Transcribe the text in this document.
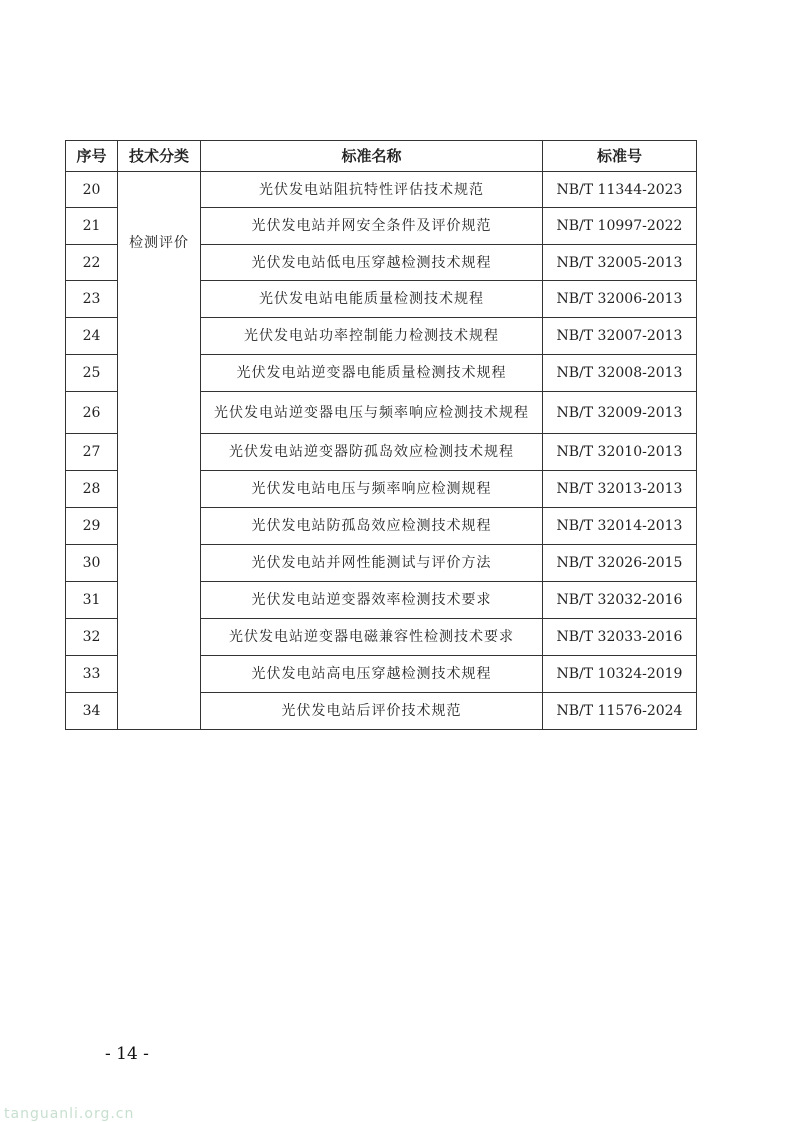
序号	技术分类	标准名称	标准号
20	检测评价	光伏发电站阻抗特性评估技术规范	NB/T 11344-2023
21		光伏发电站并网安全条件及评价规范	NB/T 10997-2022
22		光伏发电站低电压穿越检测技术规程	NB/T 32005-2013
23		光伏发电站电能质量检测技术规程	NB/T 32006-2013
24		光伏发电站功率控制能力检测技术规程	NB/T 32007-2013
25		光伏发电站逆变器电能质量检测技术规程	NB/T 32008-2013
26		光伏发电站逆变器电压与频率响应检测技术规程	NB/T 32009-2013
27		光伏发电站逆变器防孤岛效应检测技术规程	NB/T 32010-2013
28		光伏发电站电压与频率响应检测规程	NB/T 32013-2013
29		光伏发电站防孤岛效应检测技术规程	NB/T 32014-2013
30		光伏发电站并网性能测试与评价方法	NB/T 32026-2015
31		光伏发电站逆变器效率检测技术要求	NB/T 32032-2016
32		光伏发电站逆变器电磁兼容性检测技术要求	NB/T 32033-2016
33		光伏发电站高电压穿越检测技术规程	NB/T 10324-2019
34		光伏发电站后评价技术规范	NB/T 11576-2024
- 14 -
tanguanli.org.cn
